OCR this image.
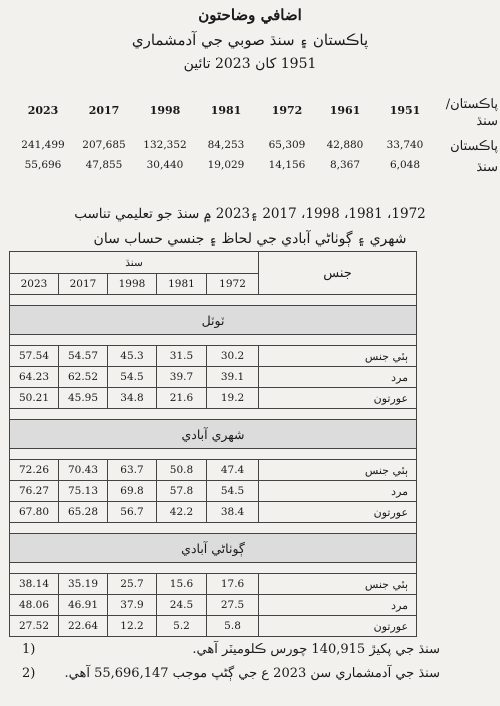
اضافي وضاحتون
پاڪستان ۽ سنڌ صوبي جي آدمشماري
1951 کان 2023 تائين
2023	2017	1998	1981	1972	1961	1951	پاڪستان/ سنڌ
241,499	207,685	132,352	84,253	65,309	42,880	33,740	پاڪستان
55,696	47,855	30,440	19,029	14,156	8,367	6,048	سنڌ
1972، 1981، 1998، 2017 ۽2023 ۾ سنڌ جو تعليمي تناسب
شهري ۽ ڳوٺاڻي آبادي جي لحاظ ۽ جنسي حساب سان
سنڌ					جنس
2023	2017	1998	1981	1972	

ٽوٽل					

57.54	54.57	45.3	31.5	30.2	ٻئي جنس
64.23	62.52	54.5	39.7	39.1	مرد
50.21	45.95	34.8	21.6	19.2	عورتون

شهري آبادي					

72.26	70.43	63.7	50.8	47.4	ٻئي جنس
76.27	75.13	69.8	57.8	54.5	مرد
67.80	65.28	56.7	42.2	38.4	عورتون

ڳوٺاڻي آبادي					

38.14	35.19	25.7	15.6	17.6	ٻئي جنس
48.06	46.91	37.9	24.5	27.5	مرد
27.52	22.64	12.2	5.2	5.8	عورتون
1)	سنڌ جي پکيڙ 140,915 چورس ڪلوميٽر آهي.
2) سنڌ جي آدمشماري سن 2023 ع جي ڳڻپ موجب 55,696,147 آهي.
